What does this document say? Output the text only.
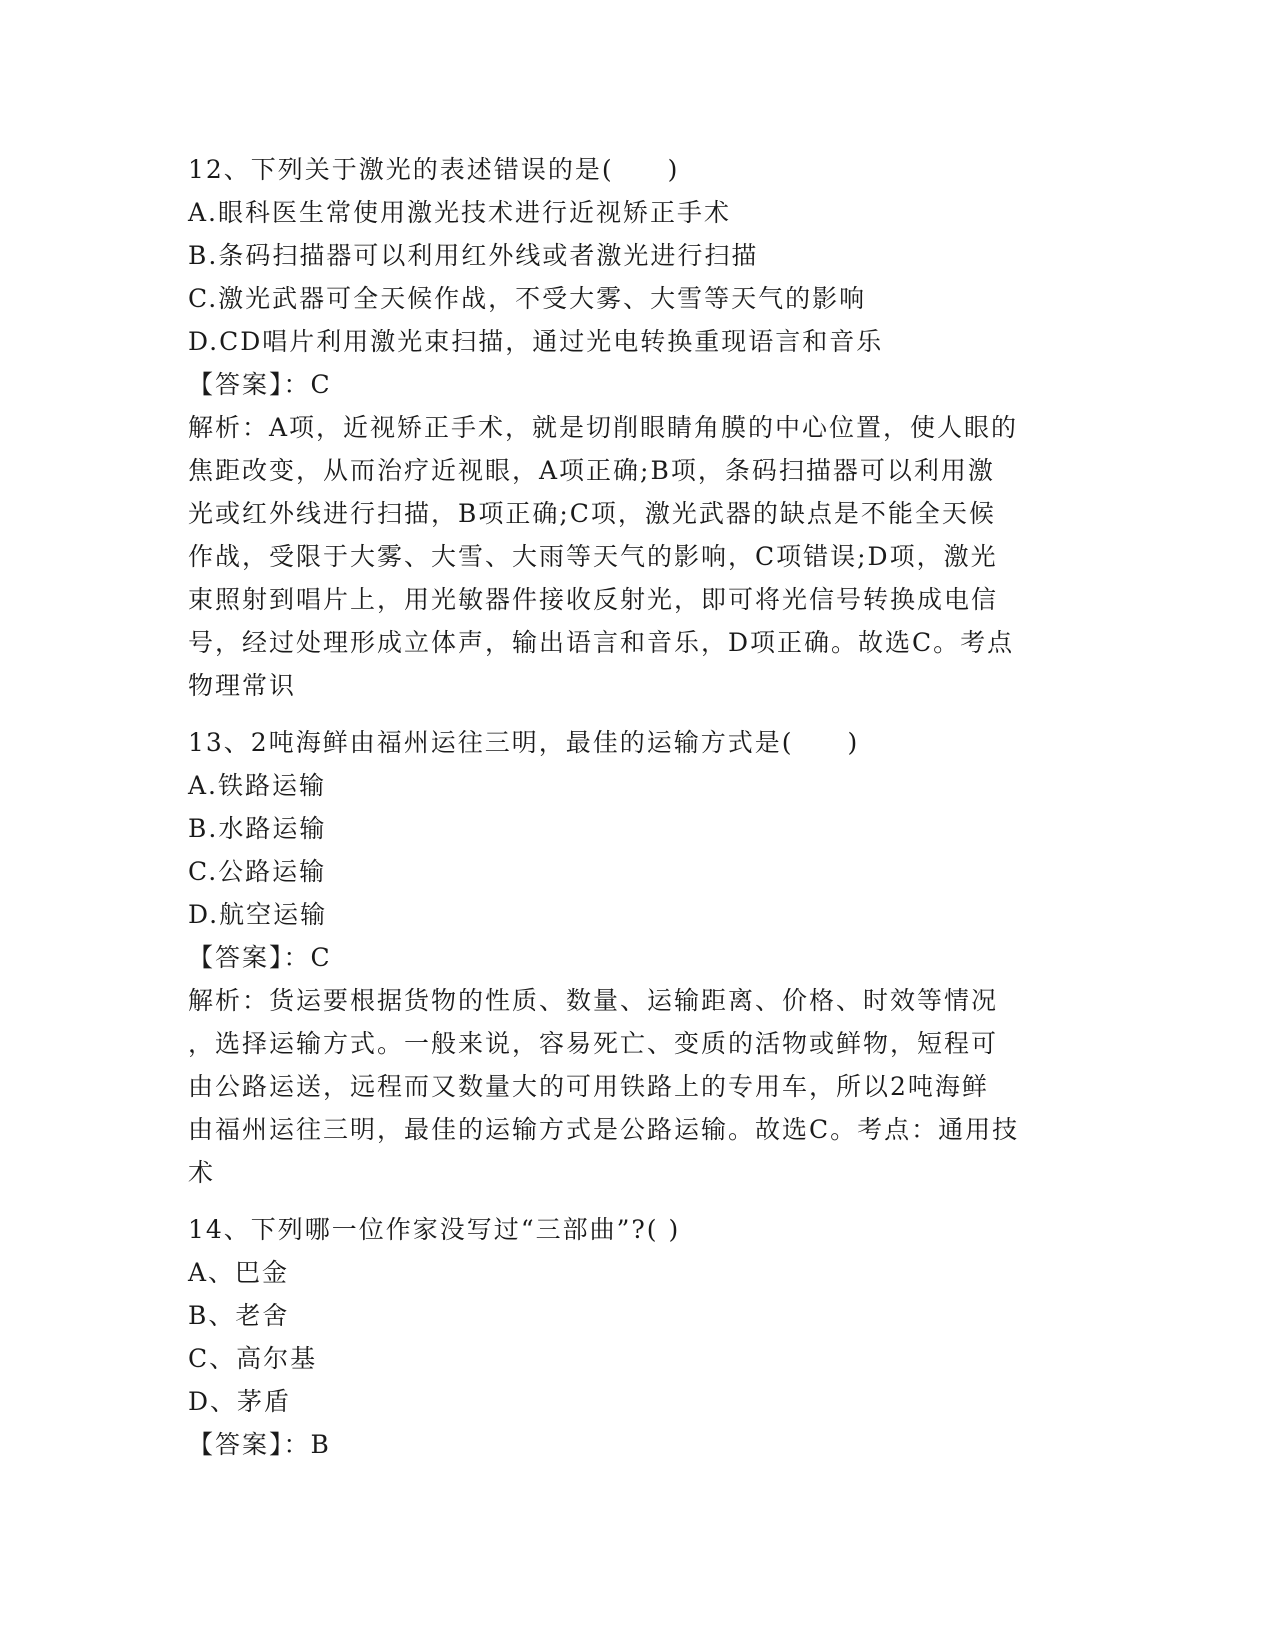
12、下列关于激光的表述错误的是(　　)
A.眼科医生常使用激光技术进行近视矫正手术
B.条码扫描器可以利用红外线或者激光进行扫描
C.激光武器可全天候作战，不受大雾、大雪等天气的影响
D.CD唱片利用激光束扫描，通过光电转换重现语言和音乐
【答案】：C
解析：A项，近视矫正手术，就是切削眼睛角膜的中心位置，使人眼的
焦距改变，从而治疗近视眼，A项正确;B项，条码扫描器可以利用激
光或红外线进行扫描，B项正确;C项，激光武器的缺点是不能全天候
作战，受限于大雾、大雪、大雨等天气的影响，C项错误;D项，激光
束照射到唱片上，用光敏器件接收反射光，即可将光信号转换成电信
号，经过处理形成立体声，输出语言和音乐，D项正确。故选C。考点
物理常识
13、2吨海鲜由福州运往三明，最佳的运输方式是(　　)
A.铁路运输
B.水路运输
C.公路运输
D.航空运输
【答案】：C
解析：货运要根据货物的性质、数量、运输距离、价格、时效等情况
，选择运输方式。一般来说，容易死亡、变质的活物或鲜物，短程可
由公路运送，远程而又数量大的可用铁路上的专用车，所以2吨海鲜
由福州运往三明，最佳的运输方式是公路运输。故选C。考点：通用技
术
14、下列哪一位作家没写过“三部曲”?( )
A、巴金
B、老舍
C、高尔基
D、茅盾
【答案】：B
